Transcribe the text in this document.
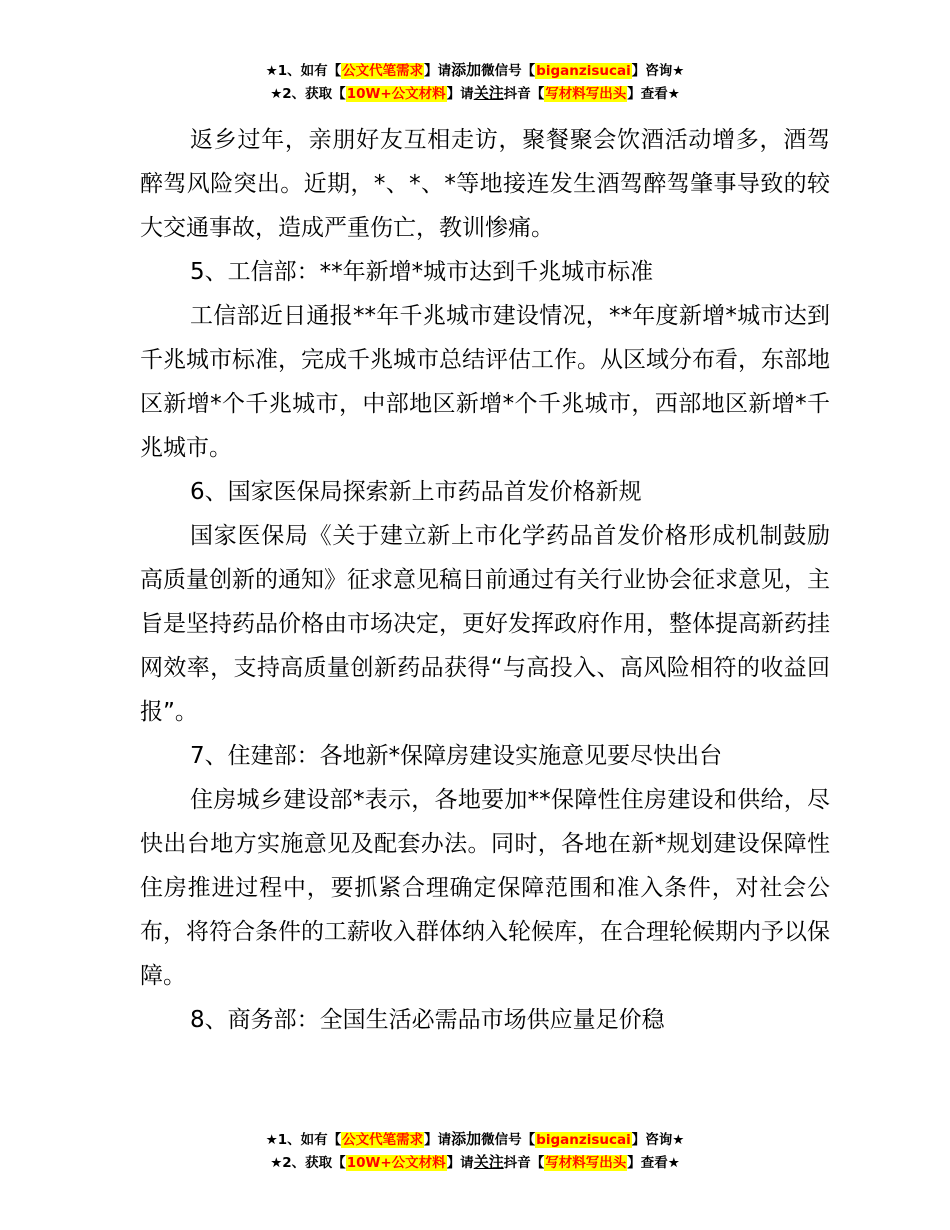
★1、如有【公文代笔需求】请添加微信号【biganzisucai】咨询★
★2、获取【10W+公文材料】请关注抖音【写材料写出头】查看★

返乡过年，亲朋好友互相走访，聚餐聚会饮酒活动增多，酒驾醉驾风险突出。近期，*、*、*等地接连发生酒驾醉驾肇事导致的较大交通事故，造成严重伤亡，教训惨痛。

5、工信部：**年新增*城市达到千兆城市标准

工信部近日通报**年千兆城市建设情况，**年度新增*城市达到千兆城市标准，完成千兆城市总结评估工作。从区域分布看，东部地区新增*个千兆城市，中部地区新增*个千兆城市，西部地区新增*千兆城市。

6、国家医保局探索新上市药品首发价格新规

国家医保局《关于建立新上市化学药品首发价格形成机制鼓励高质量创新的通知》征求意见稿日前通过有关行业协会征求意见，主旨是坚持药品价格由市场决定，更好发挥政府作用，整体提高新药挂网效率，支持高质量创新药品获得“与高投入、高风险相符的收益回报”。

7、住建部：各地新*保障房建设实施意见要尽快出台

住房城乡建设部*表示，各地要加**保障性住房建设和供给，尽快出台地方实施意见及配套办法。同时，各地在新*规划建设保障性住房推进过程中，要抓紧合理确定保障范围和准入条件，对社会公布，将符合条件的工薪收入群体纳入轮候库，在合理轮候期内予以保障。

8、商务部：全国生活必需品市场供应量足价稳

★1、如有【公文代笔需求】请添加微信号【biganzisucai】咨询★
★2、获取【10W+公文材料】请关注抖音【写材料写出头】查看★
